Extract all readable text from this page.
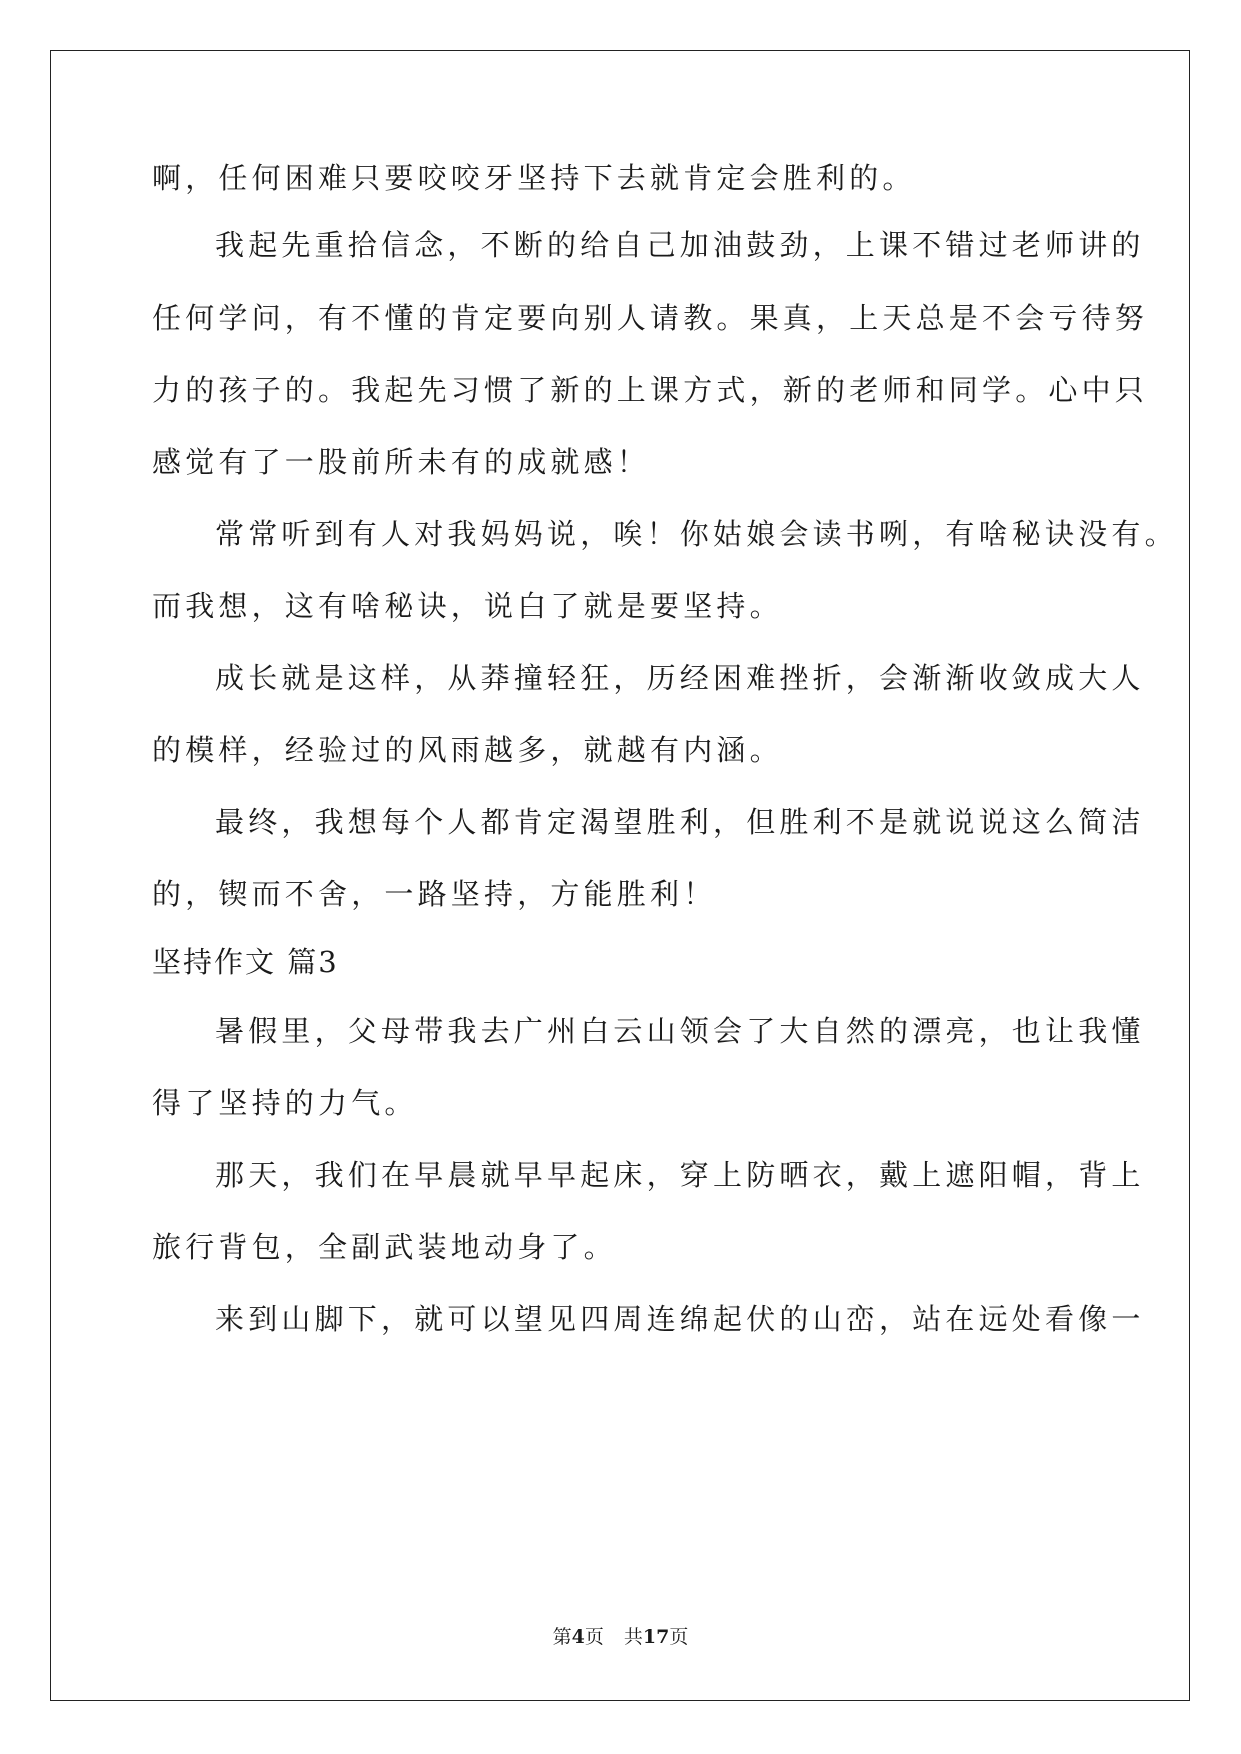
啊，任何困难只要咬咬牙坚持下去就肯定会胜利的。
我起先重拾信念，不断的给自己加油鼓劲，上课不错过老师讲的
任何学问，有不懂的肯定要向别人请教。果真，上天总是不会亏待努
力的孩子的。我起先习惯了新的上课方式，新的老师和同学。心中只
感觉有了一股前所未有的成就感！
常常听到有人对我妈妈说，唉！你姑娘会读书咧，有啥秘诀没有。
而我想，这有啥秘诀，说白了就是要坚持。
成长就是这样，从莽撞轻狂，历经困难挫折，会渐渐收敛成大人
的模样，经验过的风雨越多，就越有内涵。
最终，我想每个人都肯定渴望胜利，但胜利不是就说说这么简洁
的，锲而不舍，一路坚持，方能胜利！
坚持作文 篇3
暑假里，父母带我去广州白云山领会了大自然的漂亮，也让我懂
得了坚持的力气。
那天，我们在早晨就早早起床，穿上防晒衣，戴上遮阳帽，背上
旅行背包，全副武装地动身了。
来到山脚下，就可以望见四周连绵起伏的山峦，站在远处看像一
第4页 共17页
